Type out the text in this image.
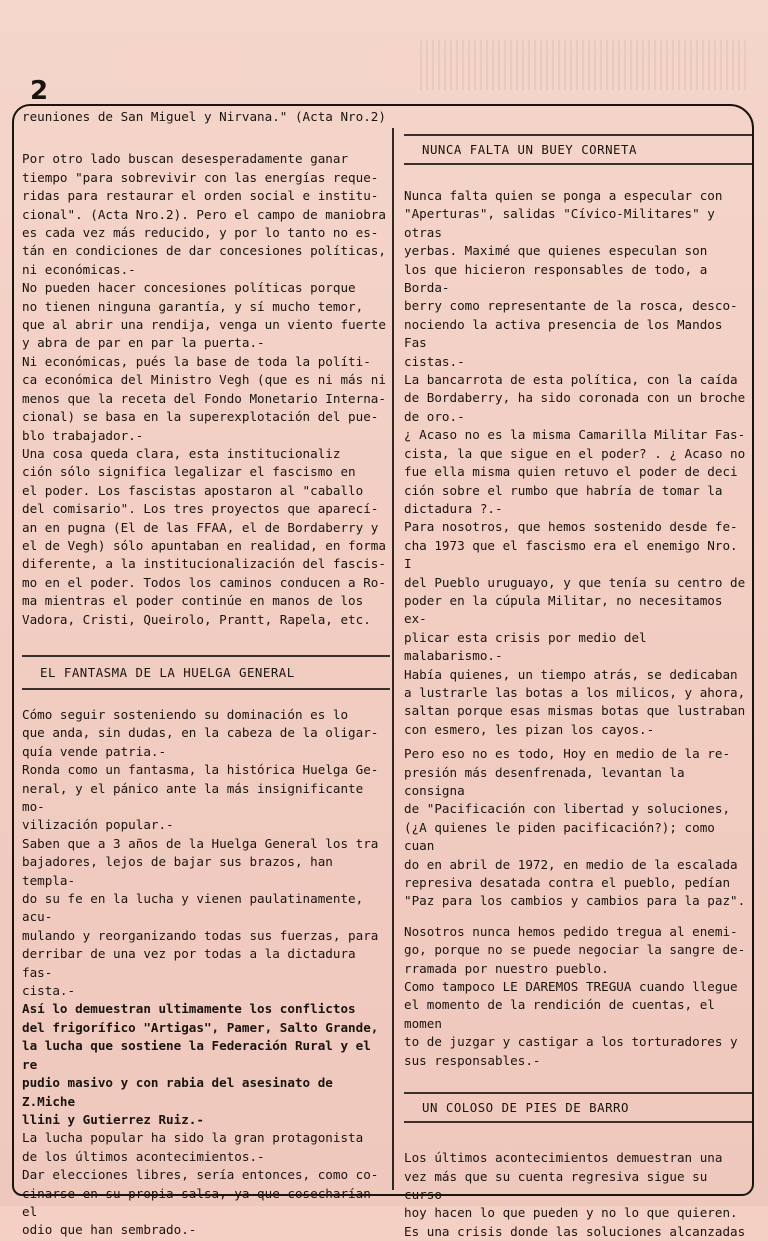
2

reuniones de San Miguel y Nirvana." (Acta Nro.2)

Por otro lado buscan desesperadamente ganar
tiempo "para sobrevivir con las energías reque-
ridas para restaurar el orden social e institu-
cional". (Acta Nro.2). Pero el campo de maniobra
es cada vez más reducido, y por lo tanto no es-
tán en condiciones de dar concesiones políticas,
ni económicas.-

No pueden hacer concesiones políticas porque
no tienen ninguna garantía, y sí mucho temor,
que al abrir una rendija, venga un viento fuerte
y abra de par en par la puerta.-

Ni económicas, pués la base de toda la políti-
ca económica del Ministro Vegh (que es ni más ni
menos que la receta del Fondo Monetario Interna-
cional) se basa en la superexplotación del pue-
blo trabajador.-

Una cosa queda clara, esta institucionaliz
ción sólo significa legalizar el fascismo en
el poder. Los fascistas apostaron al "caballo
del comisario". Los tres proyectos que aparecí-
an en pugna (El de las FFAA, el de Bordaberry y
el de Vegh) sólo apuntaban en realidad, en forma
diferente, a la institucionalización del fascis-
mo en el poder. Todos los caminos conducen a Ro-
ma mientras el poder continúe en manos de los
Vadora, Cristi, Queirolo, Prantt, Rapela, etc.

EL FANTASMA DE LA HUELGA GENERAL

Cómo seguir sosteniendo su dominación es lo
que anda, sin dudas, en la cabeza de la oligar-
quía vende patria.-

Ronda como un fantasma, la histórica Huelga Ge-
neral, y el pánico ante la más insignificante mo-
vilización popular.-

Saben que a 3 años de la Huelga General los tra
bajadores, lejos de bajar sus brazos, han templa-
do su fe en la lucha y vienen paulatinamente, acu-
mulando y reorganizando todas sus fuerzas, para
derribar de una vez por todas a la dictadura fas-
cista.-

Así lo demuestran ultimamente los conflictos
del frigorífico "Artigas", Pamer, Salto Grande,
la lucha que sostiene la Federación Rural y el re
pudio masivo y con rabia del asesinato de Z.Miche
llini y Gutierrez Ruiz.-

La lucha popular ha sido la gran protagonista
de los últimos acontecimientos.-

Dar elecciones libres, sería entonces, como co-
cinarse en su propia salsa, ya que cosecharían el
odio que han sembrado.-

NUNCA FALTA UN BUEY CORNETA

Nunca falta quien se ponga a especular con
"Aperturas", salidas "Cívico-Militares" y otras
yerbas. Maximé que quienes especulan son
los que hicieron responsables de todo, a Borda-
berry como representante de la rosca, desco-
nociendo la activa presencia de los Mandos Fas
cistas.-

La bancarrota de esta política, con la caída
de Bordaberry, ha sido coronada con un broche
de oro.-

¿ Acaso no es la misma Camarilla Militar Fas-
cista, la que sigue en el poder? . ¿ Acaso no
fue ella misma quien retuvo el poder de deci
ción sobre el rumbo que habría de tomar la
dictadura ?.-

Para nosotros, que hemos sostenido desde fe-
cha 1973 que el fascismo era el enemigo Nro. I
del Pueblo uruguayo, y que tenía su centro de
poder en la cúpula Militar, no necesitamos ex-
plicar esta crisis por medio del malabarismo.-
Había quienes, un tiempo atrás, se dedicaban
a lustrarle las botas a los milicos, y ahora,
saltan porque esas mismas botas que lustraban
con esmero, les pizan los cayos.-

Pero eso no es todo, Hoy en medio de la re-
presión más desenfrenada, levantan la consigna
de "Pacificación con libertad y soluciones,
(¿A quienes le piden pacificación?); como cuan
do en abril de 1972, en medio de la escalada
represiva desatada contra el pueblo, pedían
"Paz para los cambios y cambios para la paz".

Nosotros nunca hemos pedido tregua al enemi-
go, porque no se puede negociar la sangre de-
rramada por nuestro pueblo.
Como tampoco LE DAREMOS TREGUA cuando llegue
el momento de la rendición de cuentas, el momen
to de juzgar y castigar a los torturadores y
sus responsables.-

UN COLOSO DE PIES DE BARRO

Los últimos acontecimientos demuestran una
vez más que su cuenta regresiva sigue su curso
hoy hacen lo que pueden y no lo que quieren.
Es una crisis donde las soluciones alcanzadas
